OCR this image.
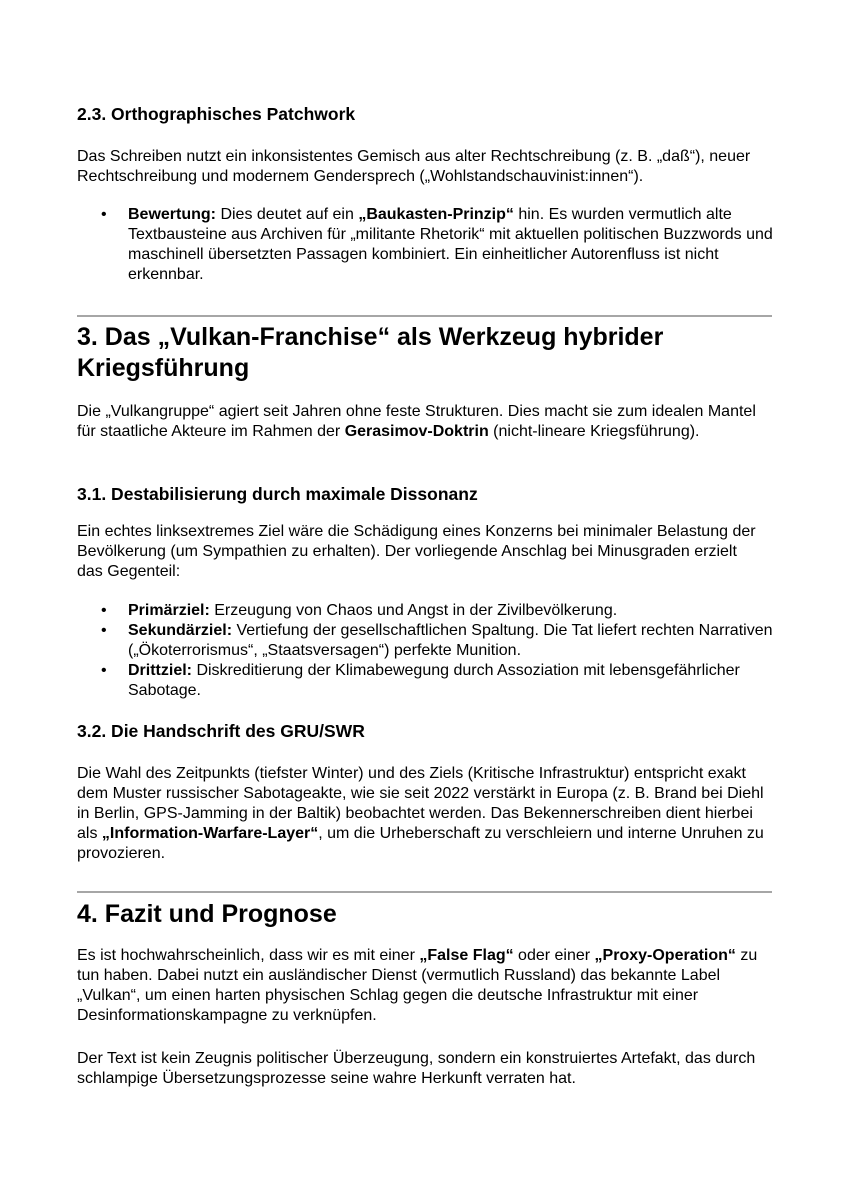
2.3. Orthographisches Patchwork

Das Schreiben nutzt ein inkonsistentes Gemisch aus alter Rechtschreibung (z. B. „daß“), neuer Rechtschreibung und modernem Gendersprech („Wohlstandschauvinist:innen“).

• Bewertung: Dies deutet auf ein „Baukasten-Prinzip“ hin. Es wurden vermutlich alte Textbausteine aus Archiven für „militante Rhetorik“ mit aktuellen politischen Buzzwords und maschinell übersetzten Passagen kombiniert. Ein einheitlicher Autorenfluss ist nicht erkennbar.
3. Das „Vulkan-Franchise“ als Werkzeug hybrider Kriegsführung

Die „Vulkangruppe“ agiert seit Jahren ohne feste Strukturen. Dies macht sie zum idealen Mantel für staatliche Akteure im Rahmen der Gerasimov-Doktrin (nicht-lineare Kriegsführung).

3.1. Destabilisierung durch maximale Dissonanz

Ein echtes linksextremes Ziel wäre die Schädigung eines Konzerns bei minimaler Belastung der Bevölkerung (um Sympathien zu erhalten). Der vorliegende Anschlag bei Minusgraden erzielt das Gegenteil:

• Primärziel: Erzeugung von Chaos und Angst in der Zivilbevölkerung.
• Sekundärziel: Vertiefung der gesellschaftlichen Spaltung. Die Tat liefert rechten Narrativen („Ökoterrorismus“, „Staatsversagen“) perfekte Munition.
• Drittziel: Diskreditierung der Klimabewegung durch Assoziation mit lebensgefährlicher Sabotage.
3.2. Die Handschrift des GRU/SWR

Die Wahl des Zeitpunkts (tiefster Winter) und des Ziels (Kritische Infrastruktur) entspricht exakt dem Muster russischer Sabotageakte, wie sie seit 2022 verstärkt in Europa (z. B. Brand bei Diehl in Berlin, GPS-Jamming in der Baltik) beobachtet werden. Das Bekennerschreiben dient hierbei als „Information-Warfare-Layer“, um die Urheberschaft zu verschleiern und interne Unruhen zu provozieren.

4. Fazit und Prognose

Es ist hochwahrscheinlich, dass wir es mit einer „False Flag“ oder einer „Proxy-Operation“ zu tun haben. Dabei nutzt ein ausländischer Dienst (vermutlich Russland) das bekannte Label „Vulkan“, um einen harten physischen Schlag gegen die deutsche Infrastruktur mit einer Desinformationskampagne zu verknüpfen.

Der Text ist kein Zeugnis politischer Überzeugung, sondern ein konstruiertes Artefakt, das durch schlampige Übersetzungsprozesse seine wahre Herkunft verraten hat.
